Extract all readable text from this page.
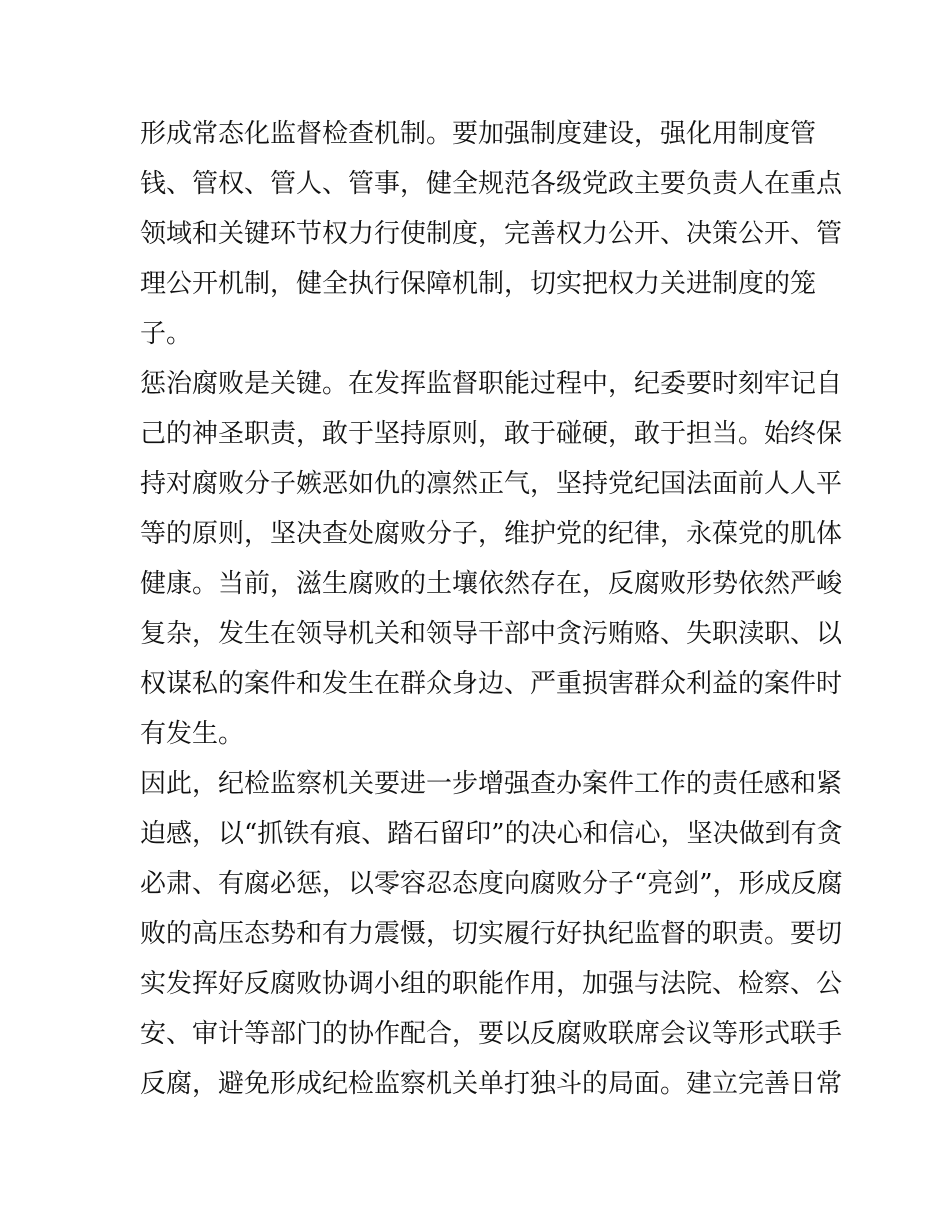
形成常态化监督检查机制。要加强制度建设，强化用制度管
钱、管权、管人、管事，健全规范各级党政主要负责人在重点
领域和关键环节权力行使制度，完善权力公开、决策公开、管
理公开机制，健全执行保障机制，切实把权力关进制度的笼
子。
惩治腐败是关键。在发挥监督职能过程中，纪委要时刻牢记自
己的神圣职责，敢于坚持原则，敢于碰硬，敢于担当。始终保
持对腐败分子嫉恶如仇的凛然正气，坚持党纪国法面前人人平
等的原则，坚决查处腐败分子，维护党的纪律，永葆党的肌体
健康。当前，滋生腐败的土壤依然存在，反腐败形势依然严峻
复杂，发生在领导机关和领导干部中贪污贿赂、失职渎职、以
权谋私的案件和发生在群众身边、严重损害群众利益的案件时
有发生。
因此，纪检监察机关要进一步增强查办案件工作的责任感和紧
迫感，以“抓铁有痕、踏石留印”的决心和信心，坚决做到有贪
必肃、有腐必惩，以零容忍态度向腐败分子“亮剑”，形成反腐
败的高压态势和有力震慑，切实履行好执纪监督的职责。要切
实发挥好反腐败协调小组的职能作用，加强与法院、检察、公
安、审计等部门的协作配合，要以反腐败联席会议等形式联手
反腐，避免形成纪检监察机关单打独斗的局面。建立完善日常
